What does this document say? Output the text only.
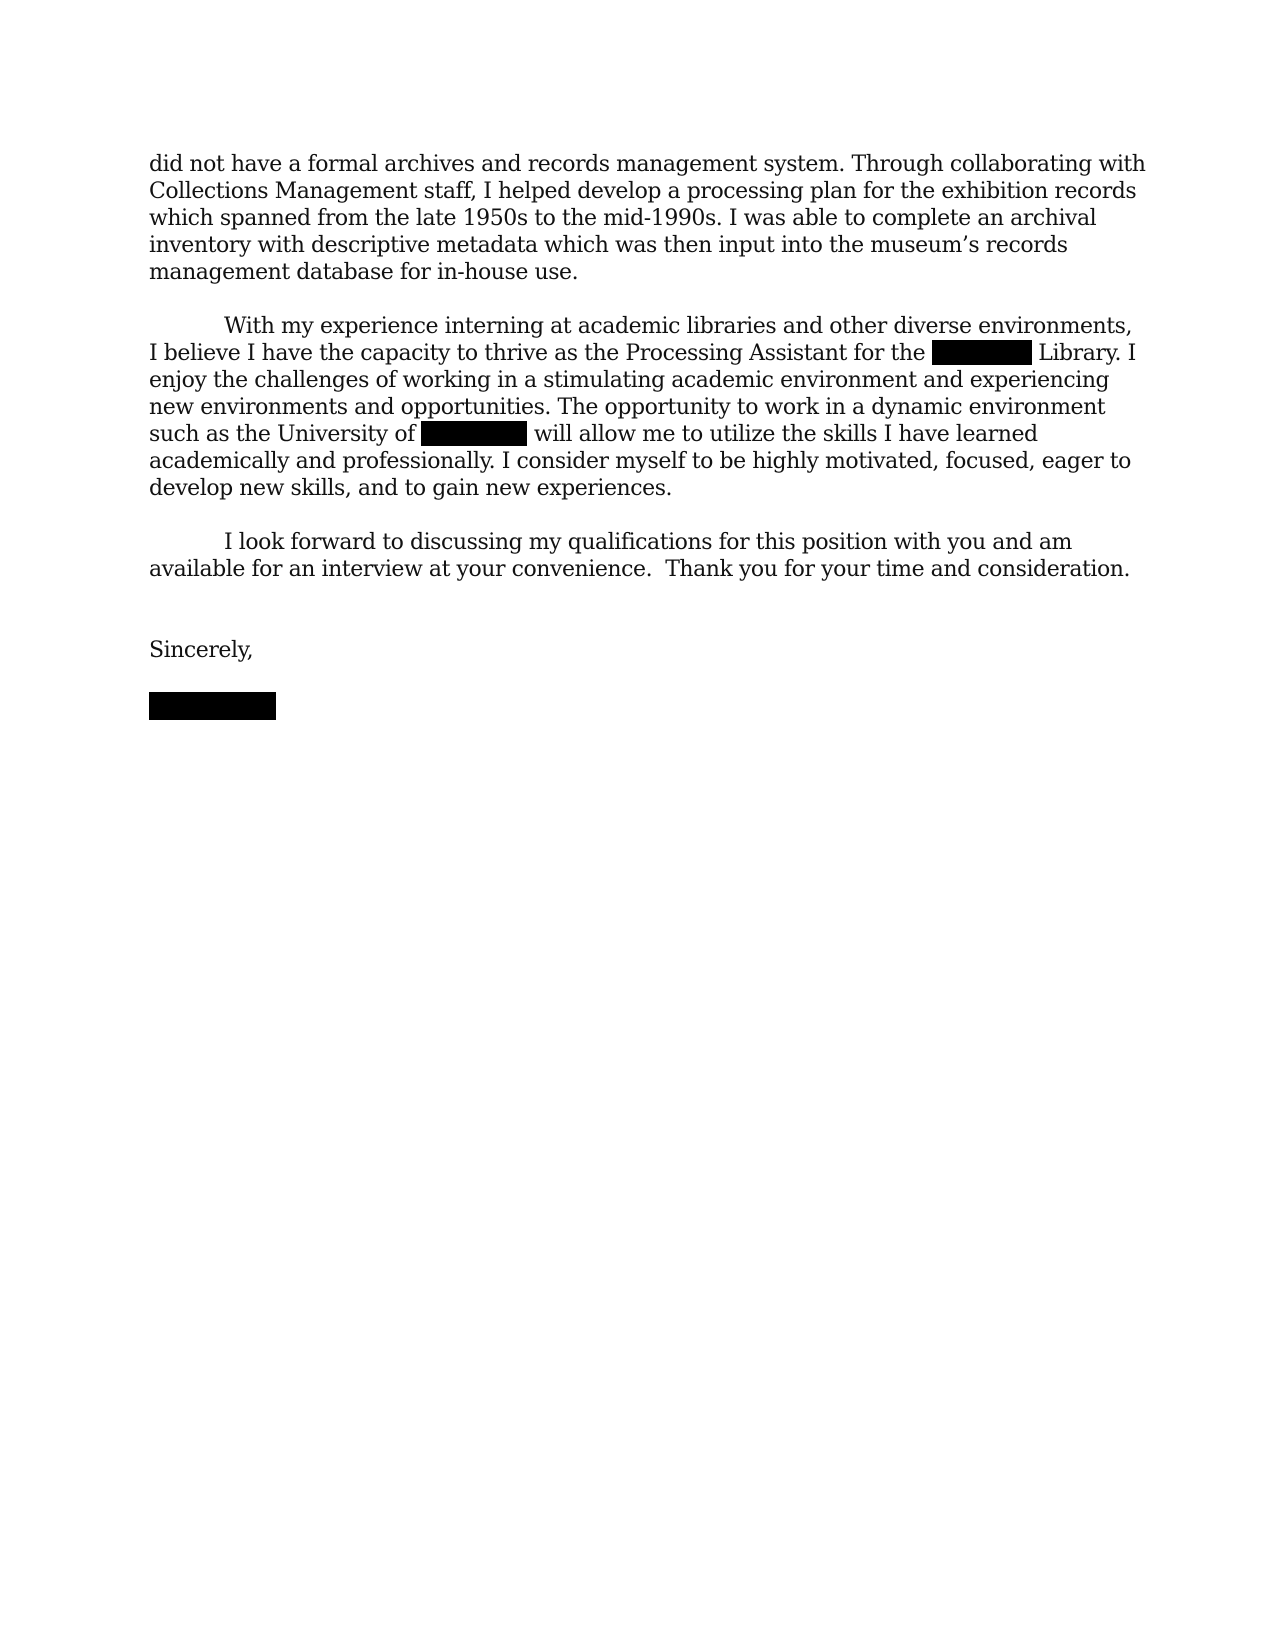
did not have a formal archives and records management system. Through collaborating with
Collections Management staff, I helped develop a processing plan for the exhibition records
which spanned from the late 1950s to the mid-1990s. I was able to complete an archival
inventory with descriptive metadata which was then input into the museum’s records
management database for in-house use.
With my experience interning at academic libraries and other diverse environments,
I believe I have the capacity to thrive as the Processing Assistant for the	Library. I
enjoy the challenges of working in a stimulating academic environment and experiencing
new environments and opportunities. The opportunity to work in a dynamic environment
such as the University of	will allow me to utilize the skills I have learned
academically and professionally. I consider myself to be highly motivated, focused, eager to
develop new skills, and to gain new experiences.
I look forward to discussing my qualifications for this position with you and am
available for an interview at your convenience.  Thank you for your time and consideration.
Sincerely,
